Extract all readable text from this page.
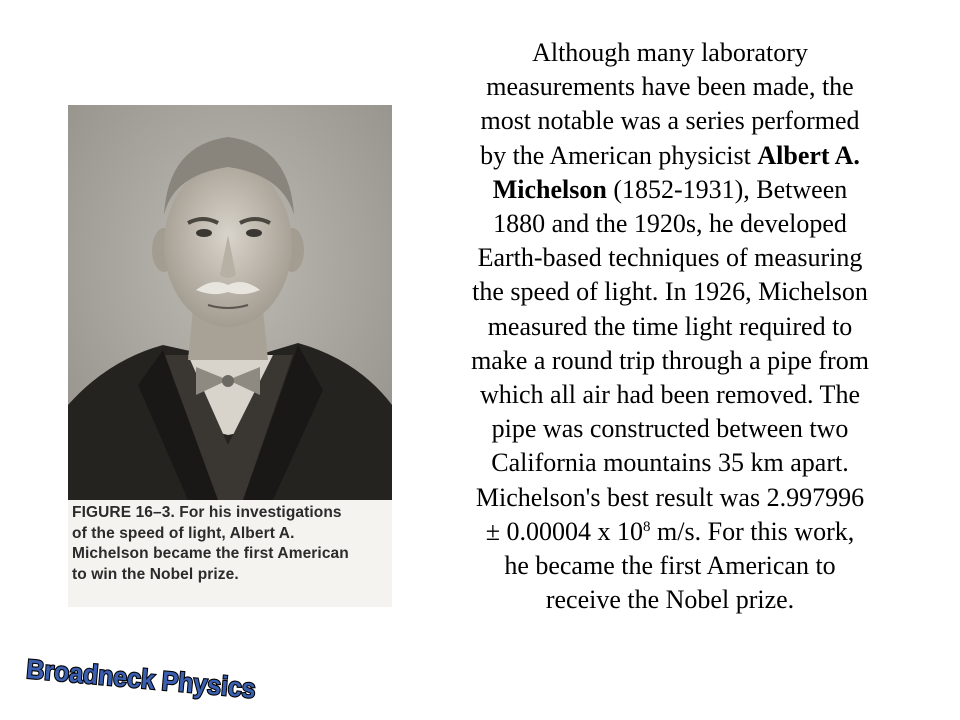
FIGURE 16–3. For his investigations
of the speed of light, Albert A.
Michelson became the first American
to win the Nobel prize.
Although many laboratory
measurements have been made, the
most notable was a series performed
by the American physicist Albert A.
Michelson (1852-1931), Between
1880 and the 1920s, he developed
Earth-based techniques of measuring
the speed of light. In 1926, Michelson
measured the time light required to
make a round trip through a pipe from
which all air had been removed. The
pipe was constructed between two
California mountains 35 km apart.
Michelson's best result was 2.997996
± 0.00004 x $10^8$ m/s. For this work,
he became the first American to
receive the Nobel prize.
Broadneck Physics
